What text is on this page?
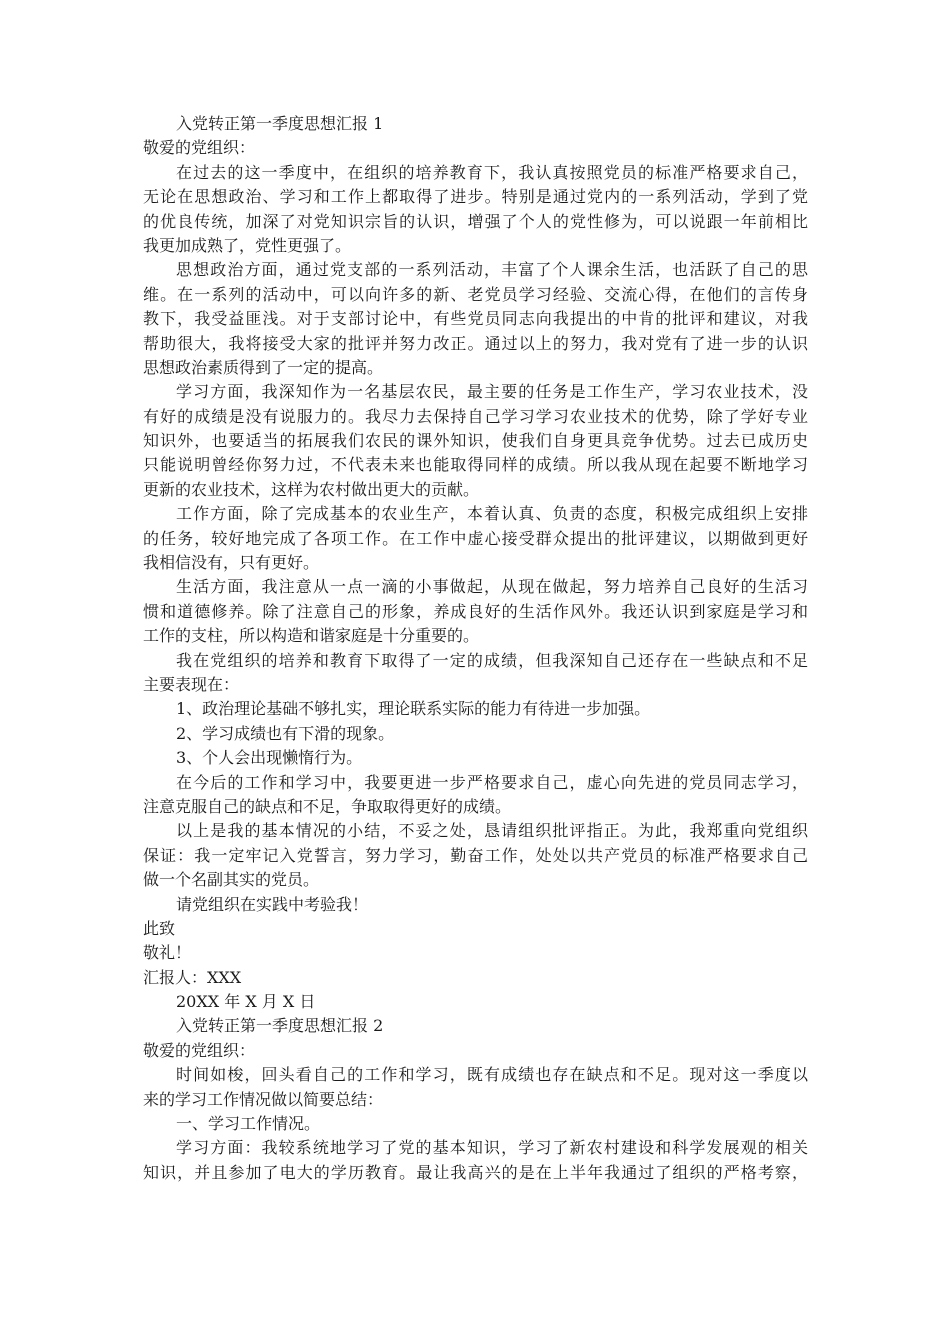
入党转正第一季度思想汇报 1
敬爱的党组织：
在过去的这一季度中，在组织的培养教育下，我认真按照党员的标准严格要求自己，
无论在思想政治、学习和工作上都取得了进步。特别是通过党内的一系列活动，学到了党
的优良传统，加深了对党知识宗旨的认识，增强了个人的党性修为，可以说跟一年前相比
我更加成熟了，党性更强了。
思想政治方面，通过党支部的一系列活动，丰富了个人课余生活，也活跃了自己的思
维。在一系列的活动中，可以向许多的新、老党员学习经验、交流心得，在他们的言传身
教下，我受益匪浅。对于支部讨论中，有些党员同志向我提出的中肯的批评和建议，对我
帮助很大，我将接受大家的批评并努力改正。通过以上的努力，我对党有了进一步的认识
思想政治素质得到了一定的提高。
学习方面，我深知作为一名基层农民，最主要的任务是工作生产，学习农业技术，没
有好的成绩是没有说服力的。我尽力去保持自己学习学习农业技术的优势，除了学好专业
知识外，也要适当的拓展我们农民的课外知识，使我们自身更具竞争优势。过去已成历史
只能说明曾经你努力过，不代表未来也能取得同样的成绩。所以我从现在起要不断地学习
更新的农业技术，这样为农村做出更大的贡献。
工作方面，除了完成基本的农业生产，本着认真、负责的态度，积极完成组织上安排
的任务，较好地完成了各项工作。在工作中虚心接受群众提出的批评建议，以期做到更好
我相信没有，只有更好。
生活方面，我注意从一点一滴的小事做起，从现在做起，努力培养自己良好的生活习
惯和道德修养。除了注意自己的形象，养成良好的生活作风外。我还认识到家庭是学习和
工作的支柱，所以构造和谐家庭是十分重要的。
我在党组织的培养和教育下取得了一定的成绩，但我深知自己还存在一些缺点和不足
主要表现在：
1、政治理论基础不够扎实，理论联系实际的能力有待进一步加强。
2、学习成绩也有下滑的现象。
3、个人会出现懒惰行为。
在今后的工作和学习中，我要更进一步严格要求自己，虚心向先进的党员同志学习，
注意克服自己的缺点和不足，争取取得更好的成绩。
以上是我的基本情况的小结，不妥之处，恳请组织批评指正。为此，我郑重向党组织
保证：我一定牢记入党誓言，努力学习，勤奋工作，处处以共产党员的标准严格要求自己
做一个名副其实的党员。
请党组织在实践中考验我！
此致
敬礼！
汇报人：XXX
20XX 年 X 月 X 日
入党转正第一季度思想汇报 2
敬爱的党组织：
时间如梭，回头看自己的工作和学习，既有成绩也存在缺点和不足。现对这一季度以
来的学习工作情况做以简要总结：
一、学习工作情况。
学习方面：我较系统地学习了党的基本知识，学习了新农村建设和科学发展观的相关
知识，并且参加了电大的学历教育。最让我高兴的是在上半年我通过了组织的严格考察，
